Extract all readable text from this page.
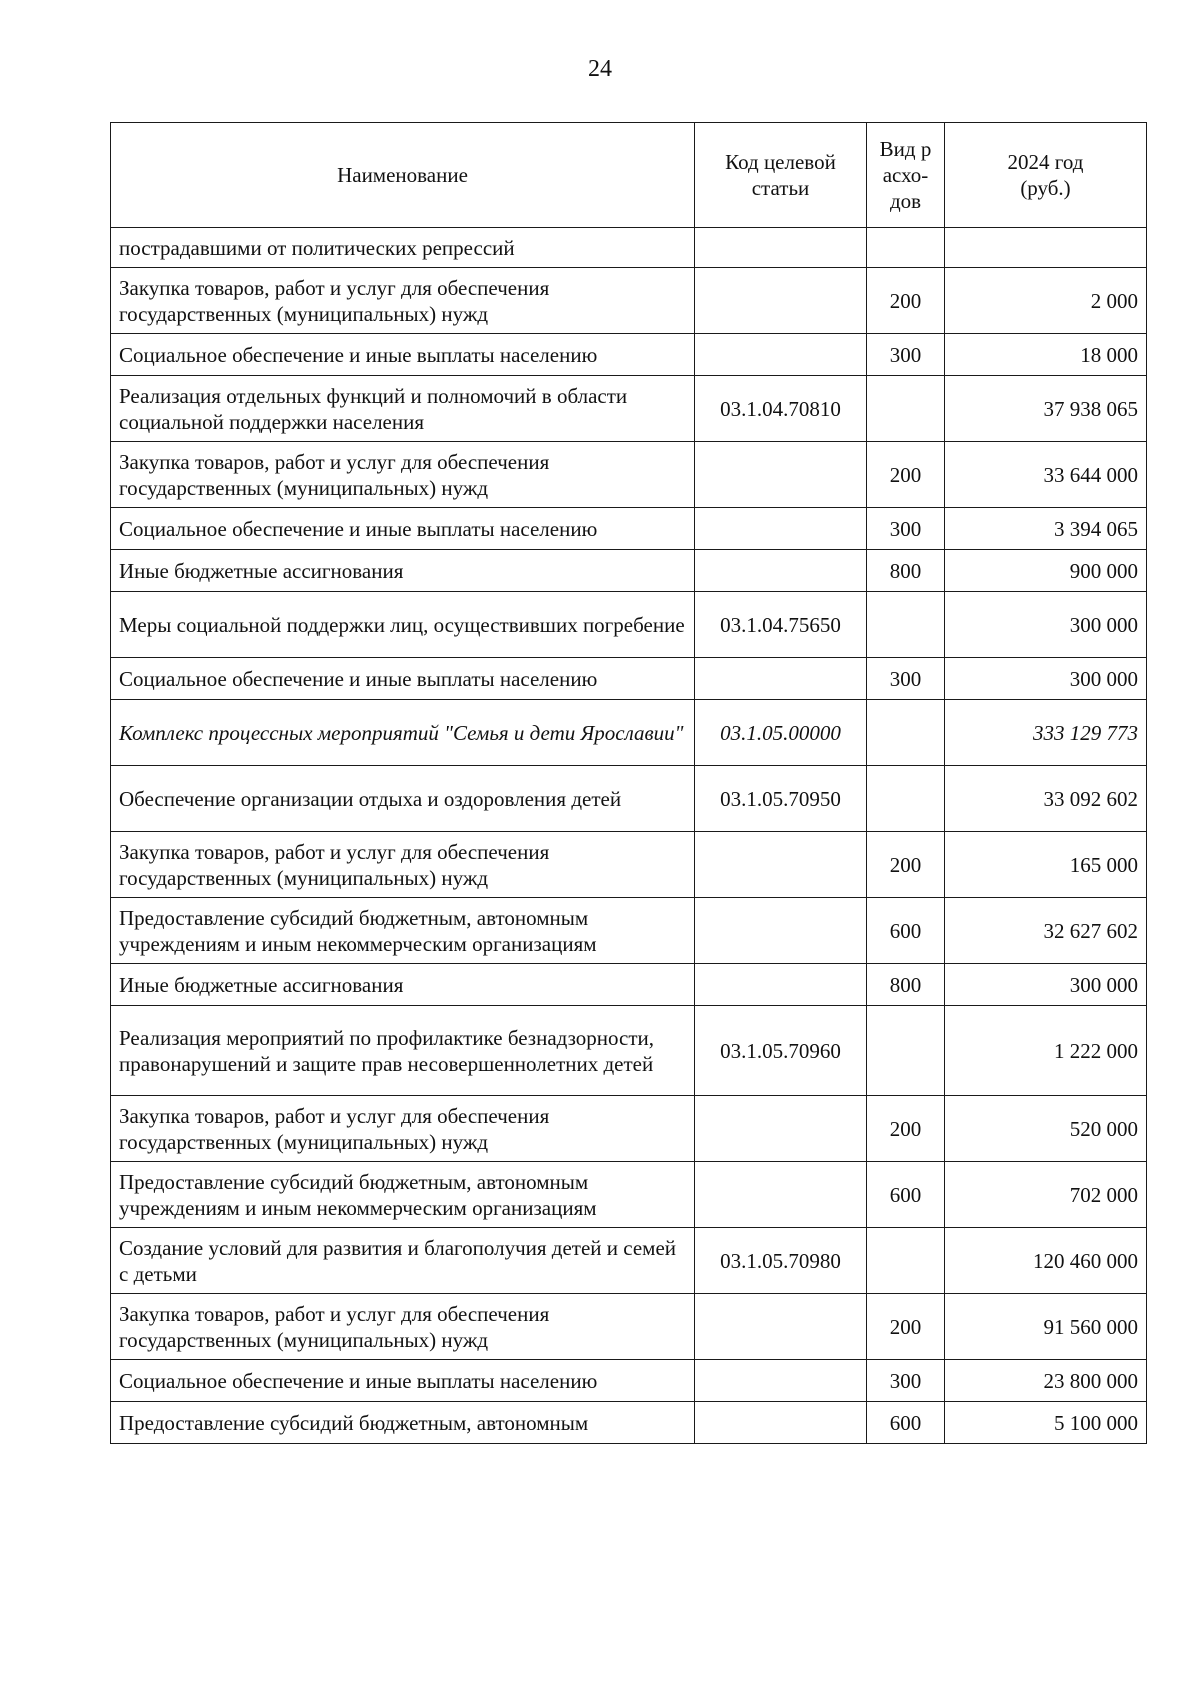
24
Наименование	Код целевой статьи	Вид расхо-дов	2024 год (руб.)
пострадавшими от политических репрессий			
Закупка товаров, работ и услуг для обеспечения государственных (муниципальных) нужд		200	2 000
Социальное обеспечение и иные выплаты населению		300	18 000
Реализация отдельных функций и полномочий в области социальной поддержки населения	03.1.04.70810		37 938 065
Закупка товаров, работ и услуг для обеспечения государственных (муниципальных) нужд		200	33 644 000
Социальное обеспечение и иные выплаты населению		300	3 394 065
Иные бюджетные ассигнования		800	900 000
Меры социальной поддержки лиц, осуществивших погребение	03.1.04.75650		300 000
Социальное обеспечение и иные выплаты населению		300	300 000
Комплекс процессных мероприятий "Семья и дети Ярославии"	03.1.05.00000		333 129 773
Обеспечение организации отдыха и оздоровления детей	03.1.05.70950		33 092 602
Закупка товаров, работ и услуг для обеспечения государственных (муниципальных) нужд		200	165 000
Предоставление субсидий бюджетным, автономным учреждениям и иным некоммерческим организациям		600	32 627 602
Иные бюджетные ассигнования		800	300 000
Реализация мероприятий по профилактике безнадзорности, правонарушений и защите прав несовершеннолетних детей	03.1.05.70960		1 222 000
Закупка товаров, работ и услуг для обеспечения государственных (муниципальных) нужд		200	520 000
Предоставление субсидий бюджетным, автономным учреждениям и иным некоммерческим организациям		600	702 000
Создание условий для развития и благополучия детей и семей с детьми	03.1.05.70980		120 460 000
Закупка товаров, работ и услуг для обеспечения государственных (муниципальных) нужд		200	91 560 000
Социальное обеспечение и иные выплаты населению		300	23 800 000
Предоставление субсидий бюджетным, автономным		600	5 100 000
